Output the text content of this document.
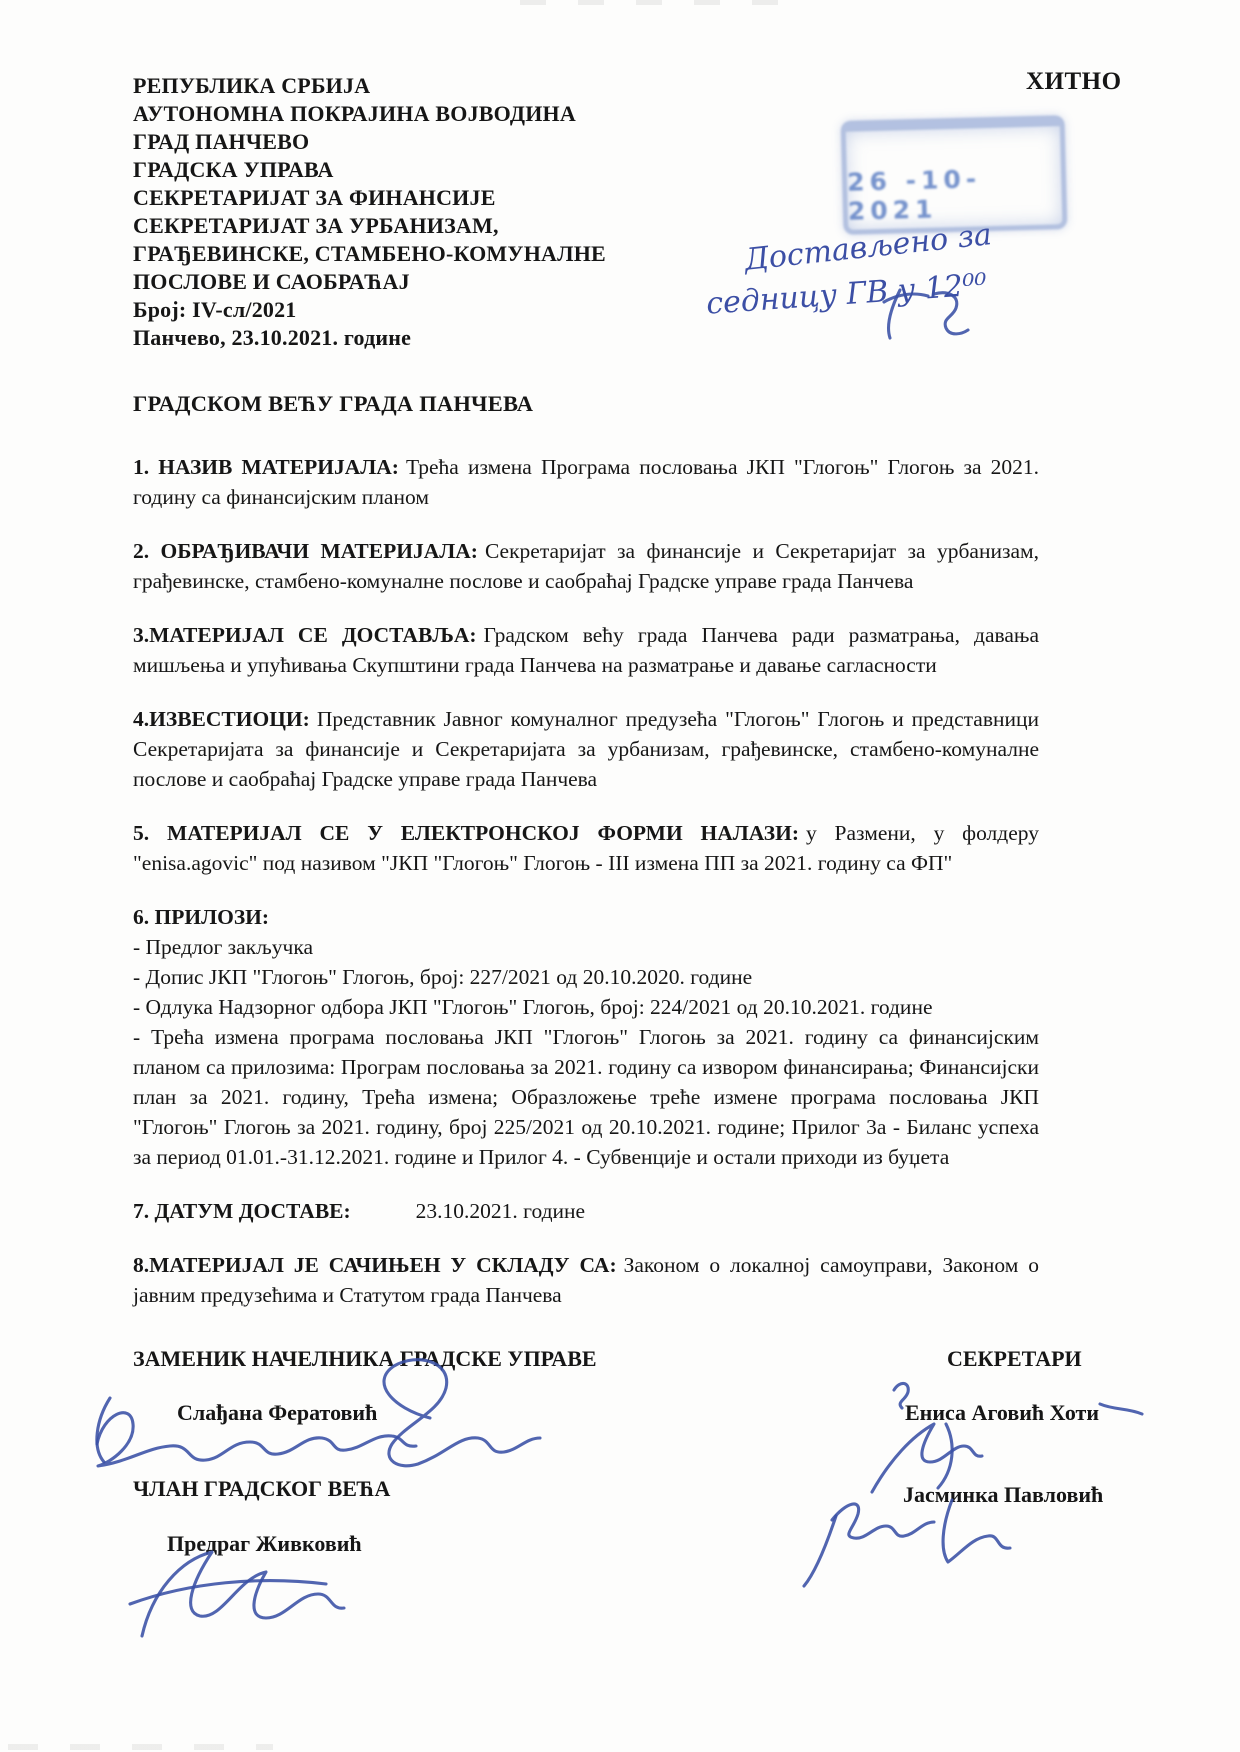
ХИТНО
РЕПУБЛИКА СРБИЈА
АУТОНОМНА ПОКРАЈИНА ВОЈВОДИНА
ГРАД ПАНЧЕВО
ГРАДСКА УПРАВА
СЕКРЕТАРИЈАТ ЗА ФИНАНСИЈЕ
СЕКРЕТАРИЈАТ ЗА УРБАНИЗАМ,
ГРАЂЕВИНСКЕ, СТАМБЕНО-КОМУНАЛНЕ
ПОСЛОВЕ И САОБРАЋАЈ
Број: IV-сл/2021
Панчево, 23.10.2021. године
26 -10- 2021
Достављено за
седницу ГВ у 12⁰⁰
ГРАДСКОМ ВЕЋУ ГРАДА ПАНЧЕВА

1. НАЗИВ МАТЕРИЈАЛА: Трећа измена Програма пословања ЈКП "Глогоњ" Глогоњ за 2021. годину са финансијским планом

2. ОБРАЂИВАЧИ МАТЕРИЈАЛА: Секретаријат за финансије и Секретаријат за урбанизам, грађевинске, стамбено-комуналне послове и саобраћај Градске управе града Панчева

3.МАТЕРИЈАЛ СЕ ДОСТАВЉА: Градском већу града Панчева ради разматрања, давања мишљења и упућивања Скупштини града Панчева на разматрање и давање сагласности

4.ИЗВЕСТИОЦИ: Представник Јавног комуналног предузећа "Глогоњ" Глогоњ и представници Секретаријата за финансије и Секретаријата за урбанизам, грађевинске, стамбено-комуналне послове и саобраћај Градске управе града Панчева

5. МАТЕРИЈАЛ СЕ У ЕЛЕКТРОНСКОЈ ФОРМИ НАЛАЗИ: у Размени, у фолдеру "enisa.agovic" под називом "ЈКП "Глогоњ" Глогоњ - III измена ПП за 2021. годину са ФП"

6. ПРИЛОЗИ:
- Предлог закључка
- Допис ЈКП "Глогоњ" Глогоњ, број: 227/2021 од 20.10.2020. године
- Одлука Надзорног одбора ЈКП "Глогоњ" Глогоњ, број: 224/2021 од 20.10.2021. године
- Трећа измена програма пословања ЈКП "Глогоњ" Глогоњ за 2021. годину са финансијским планом са прилозима: Програм пословања за 2021. годину са извором финансирања; Финансијски план за 2021. годину, Трећа измена; Образложење треће измене програма пословања ЈКП "Глогоњ" Глогоњ за 2021. годину, број 225/2021 од 20.10.2021. године; Прилог 3а - Биланс успеха за период 01.01.-31.12.2021. године и Прилог 4. - Субвенције и остали приходи из буџета

7. ДАТУМ ДОСТАВЕ:	23.10.2021. године

8.МАТЕРИЈАЛ ЈЕ САЧИЊЕН У СКЛАДУ СА: Законом о локалној самоуправи, Законом о јавним предузећима и Статутом града Панчева

ЗАМЕНИК НАЧЕЛНИКА ГРАДСКЕ УПРАВЕ
Слађана Фератовић
ЧЛАН ГРАДСКОГ ВЕЋА
Предраг Живковић
СЕКРЕТАРИ
Ениса Аговић Хоти
Јасминка Павловић
